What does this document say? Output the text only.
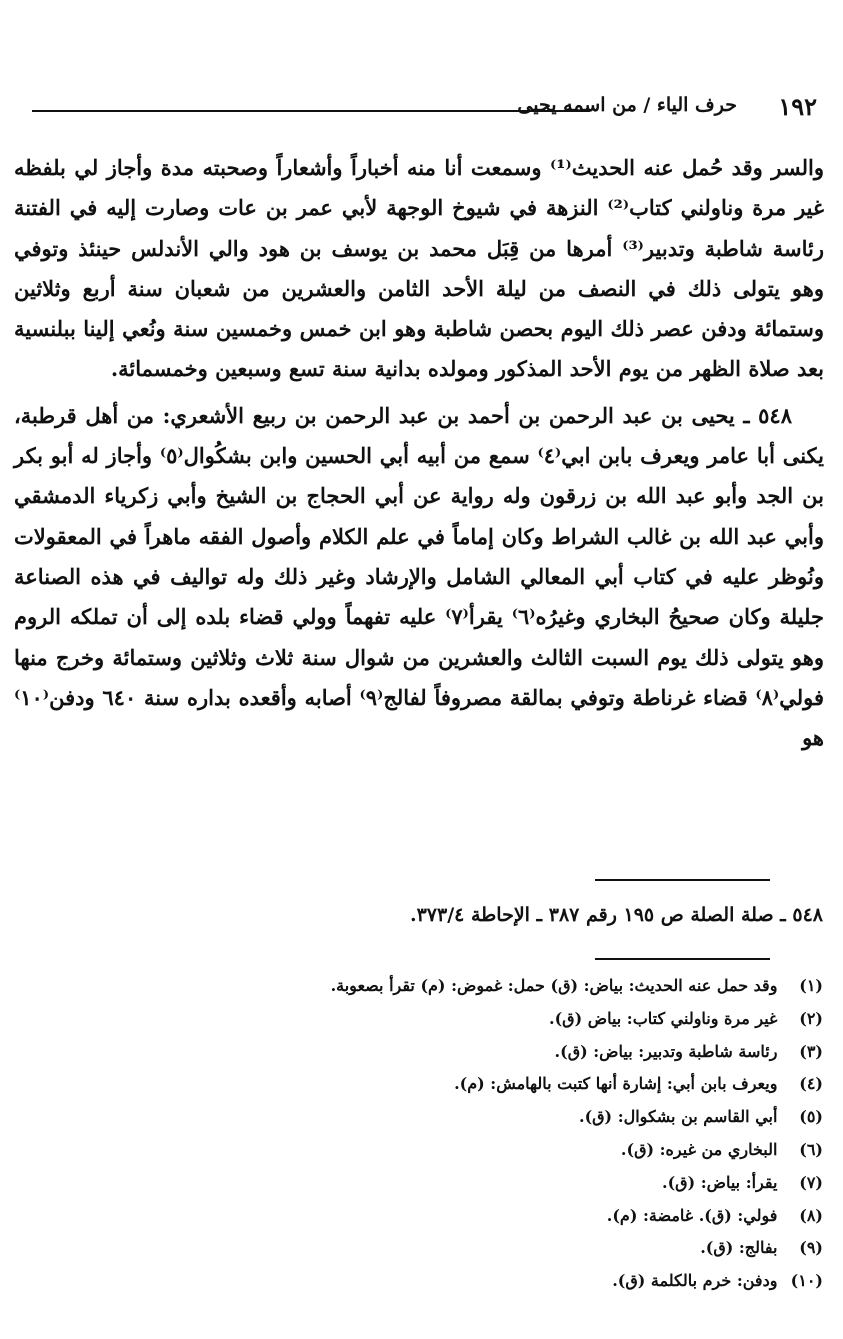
١٩٢
حرف الياء / من اسمه يحيى

والسر وقد حُمل عنه الحديث⁽¹⁾ وسمعت أنا منه أخباراً وأشعاراً وصحبته مدة وأجاز لي بلفظه غير مرة وناولني كتاب⁽²⁾ النزهة في شيوخ الوجهة لأبي عمر بن عات وصارت إليه في الفتنة رئاسة شاطبة وتدبير⁽³⁾ أمرها من قِبَل محمد بن يوسف بن هود والي الأندلس حينئذ وتوفي وهو يتولى ذلك في النصف من ليلة الأحد الثامن والعشرين من شعبان سنة أربع وثلاثين وستمائة ودفن عصر ذلك اليوم بحصن شاطبة وهو ابن خمس وخمسين سنة ونُعي إلينا ببلنسية بعد صلاة الظهر من يوم الأحد المذكور ومولده بدانية سنة تسع وسبعين وخمسمائة.

٥٤٨ ـ يحيى بن عبد الرحمن بن أحمد بن عبد الرحمن بن ربيع الأشعري: من أهل قرطبة، يكنى أبا عامر ويعرف بابن ابي⁽٤⁾ سمع من أبيه أبي الحسين وابن بشكُوال⁽٥⁾ وأجاز له أبو بكر بن الجد وأبو عبد الله بن زرقون وله رواية عن أبي الحجاج بن الشيخ وأبي زكرياء الدمشقي وأبي عبد الله بن غالب الشراط وكان إماماً في علم الكلام وأصول الفقه ماهراً في المعقولات ونُوظر عليه في كتاب أبي المعالي الشامل والإرشاد وغير ذلك وله تواليف في هذه الصناعة جليلة وكان صحيحُ البخاري وغيرُه⁽٦⁾ يقرأ⁽٧⁾ عليه تفهماً وولي قضاء بلده إلى أن تملكه الروم وهو يتولى ذلك يوم السبت الثالث والعشرين من شوال سنة ثلاث وثلاثين وستمائة وخرج منها فولي⁽٨⁾ قضاء غرناطة وتوفي بمالقة مصروفاً لفالج⁽٩⁾ أصابه وأقعده بداره سنة ٦٤٠ ودفن⁽١٠⁾ هو

٥٤٨ ـ صلة الصلة ص ١٩٥ رقم ٣٨٧ ـ الإحاطة ٣٧٣/٤.
(١) وقد حمل عنه الحديث: بياض: (ق) حمل: غموض: (م) تقرأ بصعوبة.
(٢) غير مرة وناولني كتاب: بياض (ق).
(٣) رئاسة شاطبة وتدبير: بياض: (ق).
(٤) ويعرف بابن أبي: إشارة أنها كتبت بالهامش: (م).
(٥) أبي القاسم بن بشكوال: (ق).
(٦) البخاري من غيره: (ق).
(٧) يقرأ: بياض: (ق).
(٨) فولي: (ق). غامضة: (م).
(٩) بفالج: (ق).
(١٠) ودفن: خرم بالكلمة (ق).
